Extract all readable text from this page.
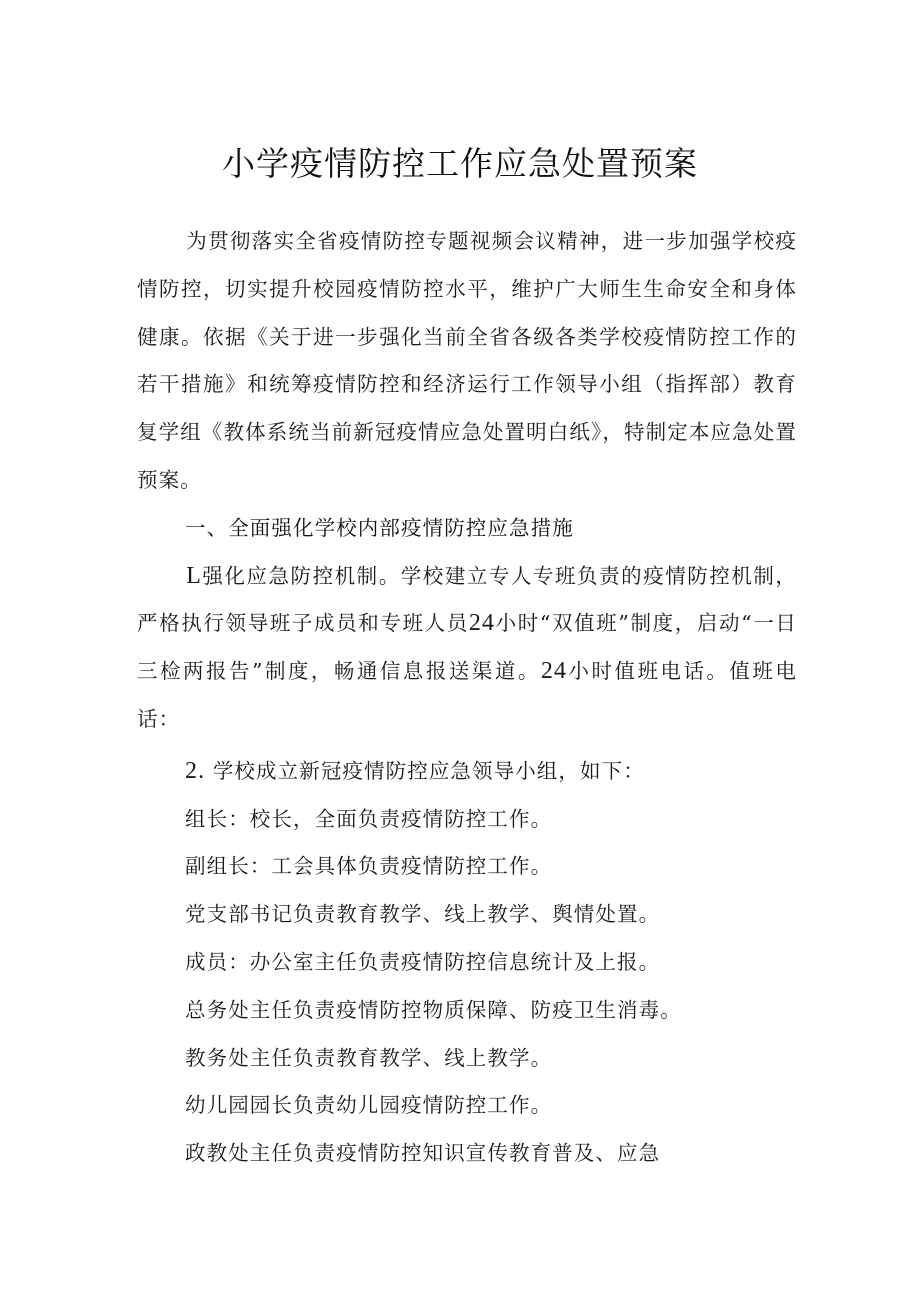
小学疫情防控工作应急处置预案

为贯彻落实全省疫情防控专题视频会议精神，进一步加强学校疫情防控，切实提升校园疫情防控水平，维护广大师生生命安全和身体健康。依据《关于进一步强化当前全省各级各类学校疫情防控工作的若干措施》和统筹疫情防控和经济运行工作领导小组（指挥部）教育复学组《教体系统当前新冠疫情应急处置明白纸》，特制定本应急处置预案。

一、全面强化学校内部疫情防控应急措施

L强化应急防控机制。学校建立专人专班负责的疫情防控机制，严格执行领导班子成员和专班人员24小时“双值班”制度，启动“一日三检两报告”制度，畅通信息报送渠道。24小时值班电话。值班电话：

2. 学校成立新冠疫情防控应急领导小组，如下：

组长：校长，全面负责疫情防控工作。

副组长：工会具体负责疫情防控工作。

党支部书记负责教育教学、线上教学、舆情处置。

成员：办公室主任负责疫情防控信息统计及上报。

总务处主任负责疫情防控物质保障、防疫卫生消毒。

教务处主任负责教育教学、线上教学。

幼儿园园长负责幼儿园疫情防控工作。

政教处主任负责疫情防控知识宣传教育普及、应急
